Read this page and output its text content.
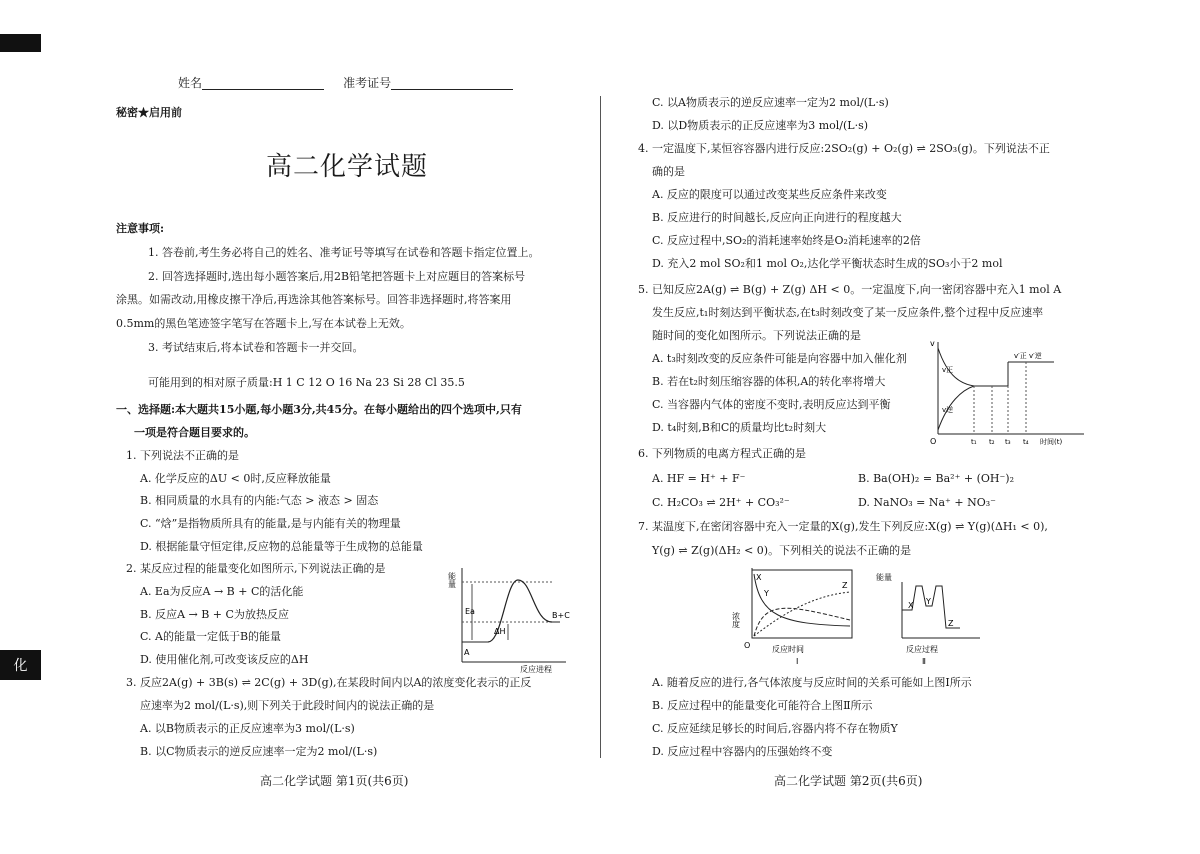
化
姓名	准考证号
秘密★启用前
高二化学试题
注意事项:
1. 答卷前,考生务必将自己的姓名、准考证号等填写在试卷和答题卡指定位置上。
2. 回答选择题时,选出每小题答案后,用2B铅笔把答题卡上对应题目的答案标号
涂黑。如需改动,用橡皮擦干净后,再选涂其他答案标号。回答非选择题时,将答案用
0.5mm的黑色笔迹签字笔写在答题卡上,写在本试卷上无效。
3. 考试结束后,将本试卷和答题卡一并交回。
可能用到的相对原子质量:H 1 C 12 O 16 Na 23 Si 28 Cl 35.5
一、选择题:本大题共15小题,每小题3分,共45分。在每小题给出的四个选项中,只有
一项是符合题目要求的。
1. 下列说法不正确的是
A. 化学反应的ΔU < 0时,反应释放能量
B. 相同质量的水具有的内能:气态 > 液态 > 固态
C. “焓”是指物质所具有的能量,是与内能有关的物理量
D. 根据能量守恒定律,反应物的总能量等于生成物的总能量
2. 某反应过程的能量变化如图所示,下列说法正确的是
A. Ea为反应A → B + C的活化能
B. 反应A → B + C为放热反应
C. A的能量一定低于B的能量
D. 使用催化剂,可改变该反应的ΔH
能量
Ea
ΔH
A
B+C
反应进程
3. 反应2A(g) + 3B(s) ⇌ 2C(g) + 3D(g),在某段时间内以A的浓度变化表示的正反
应速率为2 mol/(L·s),则下列关于此段时间内的说法正确的是
A. 以B物质表示的正反应速率为3 mol/(L·s)
B. 以C物质表示的逆反应速率一定为2 mol/(L·s)
高二化学试题 第1页(共6页)
C. 以A物质表示的逆反应速率一定为2 mol/(L·s)
D. 以D物质表示的正反应速率为3 mol/(L·s)
4. 一定温度下,某恒容容器内进行反应:2SO₂(g) + O₂(g) ⇌ 2SO₃(g)。下列说法不正
确的是
A. 反应的限度可以通过改变某些反应条件来改变
B. 反应进行的时间越长,反应向正向进行的程度越大
C. 反应过程中,SO₂的消耗速率始终是O₂消耗速率的2倍
D. 充入2 mol SO₂和1 mol O₂,达化学平衡状态时生成的SO₃小于2 mol
5. 已知反应2A(g) ⇌ B(g) + Z(g) ΔH < 0。一定温度下,向一密闭容器中充入1 mol A
发生反应,t₁时刻达到平衡状态,在t₃时刻改变了某一反应条件,整个过程中反应速率
随时间的变化如图所示。下列说法正确的是
A. t₃时刻改变的反应条件可能是向容器中加入催化剂
B. 若在t₂时刻压缩容器的体积,A的转化率将增大
C. 当容器内气体的密度不变时,表明反应达到平衡
D. t₄时刻,B和C的质量均比t₂时刻大
v
O
v正
v逆
v′正 v′逆
t₁ t₂ t₃ t₄ 时间(t)
6. 下列物质的电离方程式正确的是
A. HF = H⁺ + F⁻	B. Ba(OH)₂ = Ba²⁺ + (OH⁻)₂
C. H₂CO₃ ⇌ 2H⁺ + CO₃²⁻	D. NaNO₃ = Na⁺ + NO₃⁻
7. 某温度下,在密闭容器中充入一定量的X(g),发生下列反应:X(g) ⇌ Y(g)(ΔH₁ < 0),
Y(g) ⇌ Z(g)(ΔH₂ < 0)。下列相关的说法不正确的是
浓度
O
X
Y
Z
反应时间
Ⅰ
能量
X Y
Z
反应过程
Ⅱ
A. 随着反应的进行,各气体浓度与反应时间的关系可能如上图Ⅰ所示
B. 反应过程中的能量变化可能符合上图Ⅱ所示
C. 反应延续足够长的时间后,容器内将不存在物质Y
D. 反应过程中容器内的压强始终不变
高二化学试题 第2页(共6页)
